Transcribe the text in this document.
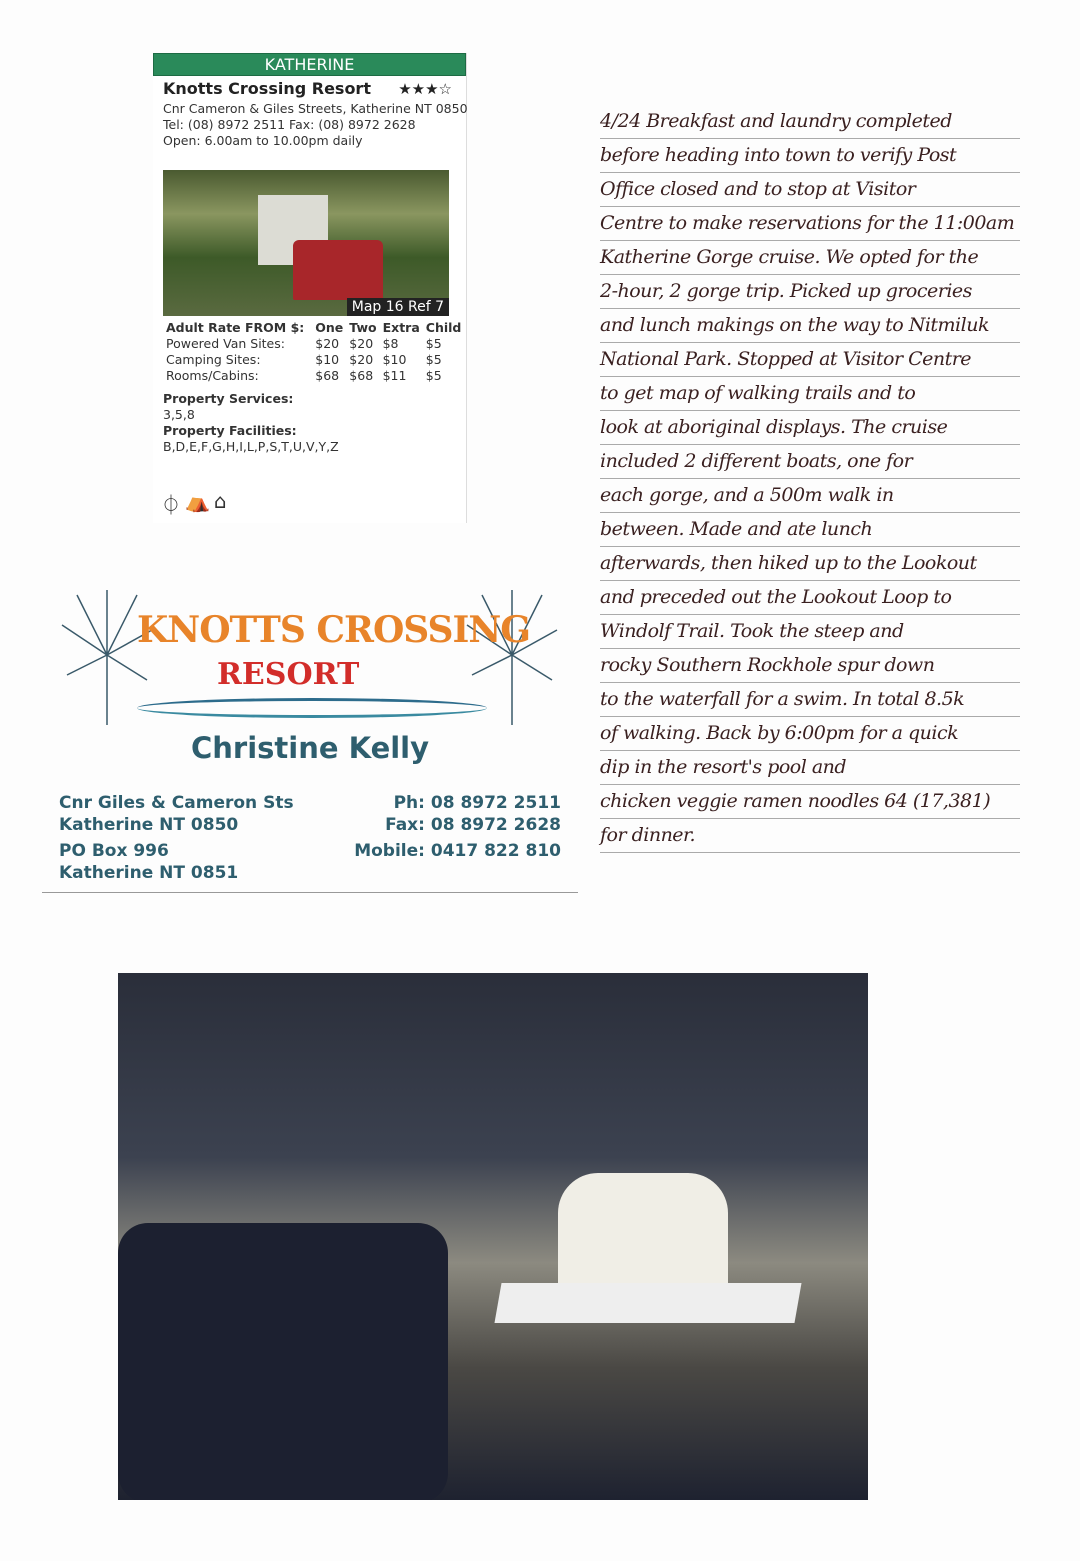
KATHERINE
Knotts Crossing Resort ★★★☆
Cnr Cameron & Giles Streets, Katherine NT 0850
Tel: (08) 8972 2511 Fax: (08) 8972 2628
Open: 6.00am to 10.00pm daily
Map 16 Ref 7
Adult Rate FROM $:	One	Two	Extra	Child
Powered Van Sites:	$20	$20	$8	$5
Camping Sites:	$10	$20	$10	$5
Rooms/Cabins:	$68	$68	$11	$5
Property Services:
3,5,8
Property Facilities:
B,D,E,F,G,H,I,L,P,S,T,U,V,Y,Z
⏀ ⛺ ⌂
KNOTTS CROSSING
RESORT
Christine Kelly
Cnr Giles & Cameron Sts
Katherine NT 0850
PO Box 996
Katherine NT 0851
Ph: 08 8972 2511
Fax: 08 8972 2628
Mobile: 0417 822 810
4/24 Breakfast and laundry completed
before heading into town to verify Post
Office closed and to stop at Visitor
Centre to make reservations for the 11:00am
Katherine Gorge cruise. We opted for the
2-hour, 2 gorge trip. Picked up groceries
and lunch makings on the way to Nitmiluk
National Park. Stopped at Visitor Centre
to get map of walking trails and to
look at aboriginal displays. The cruise
included 2 different boats, one for
each gorge, and a 500m walk in
between. Made and ate lunch
afterwards, then hiked up to the Lookout
and preceded out the Lookout Loop to
Windolf Trail. Took the steep and
rocky Southern Rockhole spur down
to the waterfall for a swim. In total 8.5k
of walking. Back by 6:00pm for a quick
dip in the resort's pool and
chicken veggie ramen noodles 64 (17,381)
for dinner.
